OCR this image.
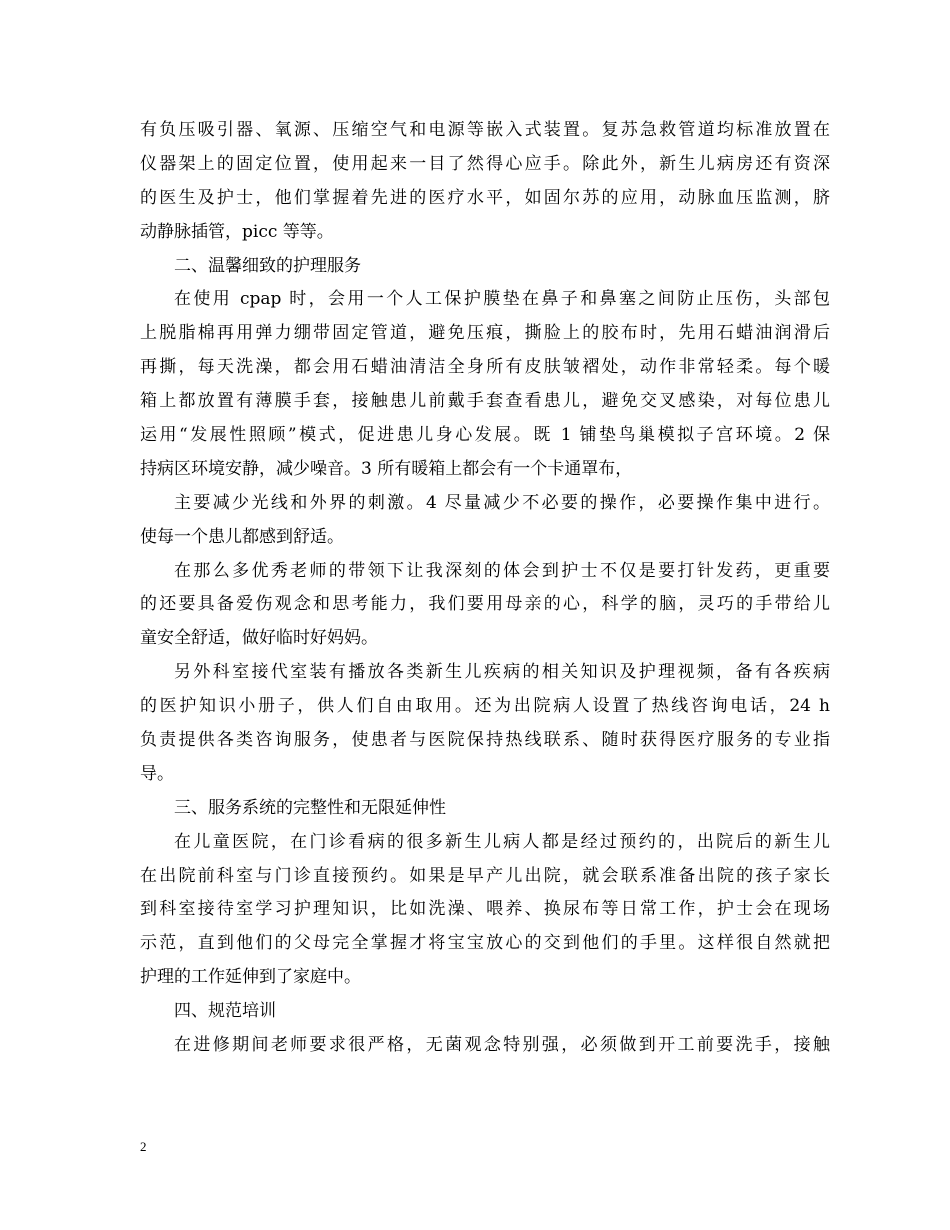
有负压吸引器、氧源、压缩空气和电源等嵌入式装置。复苏急救管道均标准放置在
仪器架上的固定位置，使用起来一目了然得心应手。除此外，新生儿病房还有资深
的医生及护士，他们掌握着先进的医疗水平，如固尔苏的应用，动脉血压监测，脐
动静脉插管，picc 等等。
二、温馨细致的护理服务
在使用 cpap 时，会用一个人工保护膜垫在鼻子和鼻塞之间防止压伤，头部包
上脱脂棉再用弹力绷带固定管道，避免压痕，撕脸上的胶布时，先用石蜡油润滑后
再撕，每天洗澡，都会用石蜡油清洁全身所有皮肤皱褶处，动作非常轻柔。每个暖
箱上都放置有薄膜手套，接触患儿前戴手套查看患儿，避免交叉感染，对每位患儿
运用“发展性照顾”模式，促进患儿身心发展。既 1 铺垫鸟巢模拟子宫环境。2 保
持病区环境安静，减少噪音。3 所有暖箱上都会有一个卡通罩布，
主要减少光线和外界的刺激。4 尽量减少不必要的操作，必要操作集中进行。
使每一个患儿都感到舒适。
在那么多优秀老师的带领下让我深刻的体会到护士不仅是要打针发药，更重要
的还要具备爱伤观念和思考能力，我们要用母亲的心，科学的脑，灵巧的手带给儿
童安全舒适，做好临时好妈妈。
另外科室接代室装有播放各类新生儿疾病的相关知识及护理视频，备有各疾病
的医护知识小册子，供人们自由取用。还为出院病人设置了热线咨询电话，24 h
负责提供各类咨询服务，使患者与医院保持热线联系、随时获得医疗服务的专业指
导。
三、服务系统的完整性和无限延伸性
在儿童医院，在门诊看病的很多新生儿病人都是经过预约的，出院后的新生儿
在出院前科室与门诊直接预约。如果是早产儿出院，就会联系准备出院的孩子家长
到科室接待室学习护理知识，比如洗澡、喂养、换尿布等日常工作，护士会在现场
示范，直到他们的父母完全掌握才将宝宝放心的交到他们的手里。这样很自然就把
护理的工作延伸到了家庭中。
四、规范培训
在进修期间老师要求很严格，无菌观念特别强，必须做到开工前要洗手，接触
2
